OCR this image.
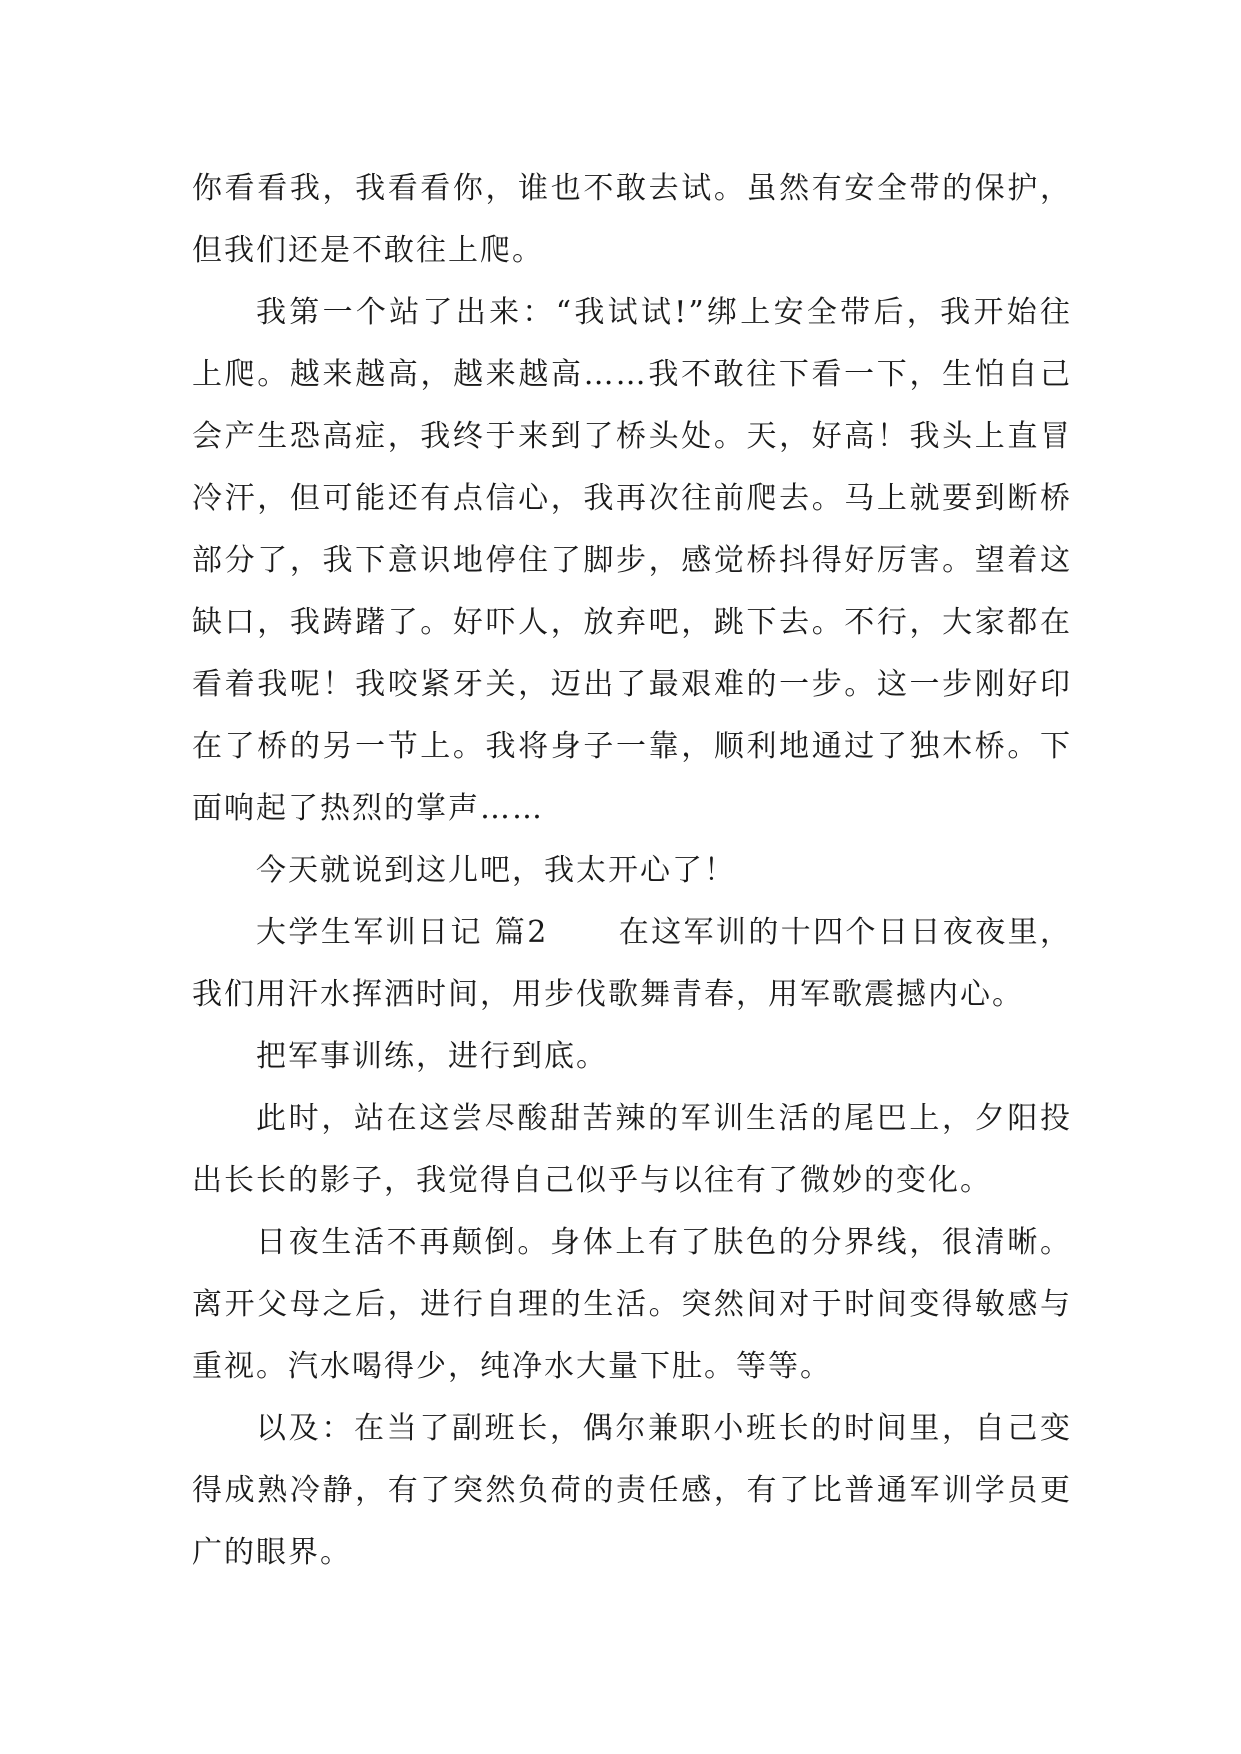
你看看我，我看看你，谁也不敢去试。虽然有安全带的保护，但我们还是不敢往上爬。

我第一个站了出来：“我试试!”绑上安全带后，我开始往上爬。越来越高，越来越高……我不敢往下看一下，生怕自己会产生恐高症，我终于来到了桥头处。天，好高！我头上直冒冷汗，但可能还有点信心，我再次往前爬去。马上就要到断桥部分了，我下意识地停住了脚步，感觉桥抖得好厉害。望着这缺口，我踌躇了。好吓人，放弃吧，跳下去。不行，大家都在看着我呢！我咬紧牙关，迈出了最艰难的一步。这一步刚好印在了桥的另一节上。我将身子一靠，顺利地通过了独木桥。下面响起了热烈的掌声……

今天就说到这儿吧，我太开心了！

大学生军训日记 篇2 在这军训的十四个日日夜夜里，我们用汗水挥洒时间，用步伐歌舞青春，用军歌震撼内心。

把军事训练，进行到底。

此时，站在这尝尽酸甜苦辣的军训生活的尾巴上，夕阳投出长长的影子，我觉得自己似乎与以往有了微妙的变化。

日夜生活不再颠倒。身体上有了肤色的分界线，很清晰。离开父母之后，进行自理的生活。突然间对于时间变得敏感与重视。汽水喝得少，纯净水大量下肚。等等。

以及：在当了副班长，偶尔兼职小班长的时间里，自己变得成熟冷静，有了突然负荷的责任感，有了比普通军训学员更广的眼界。
